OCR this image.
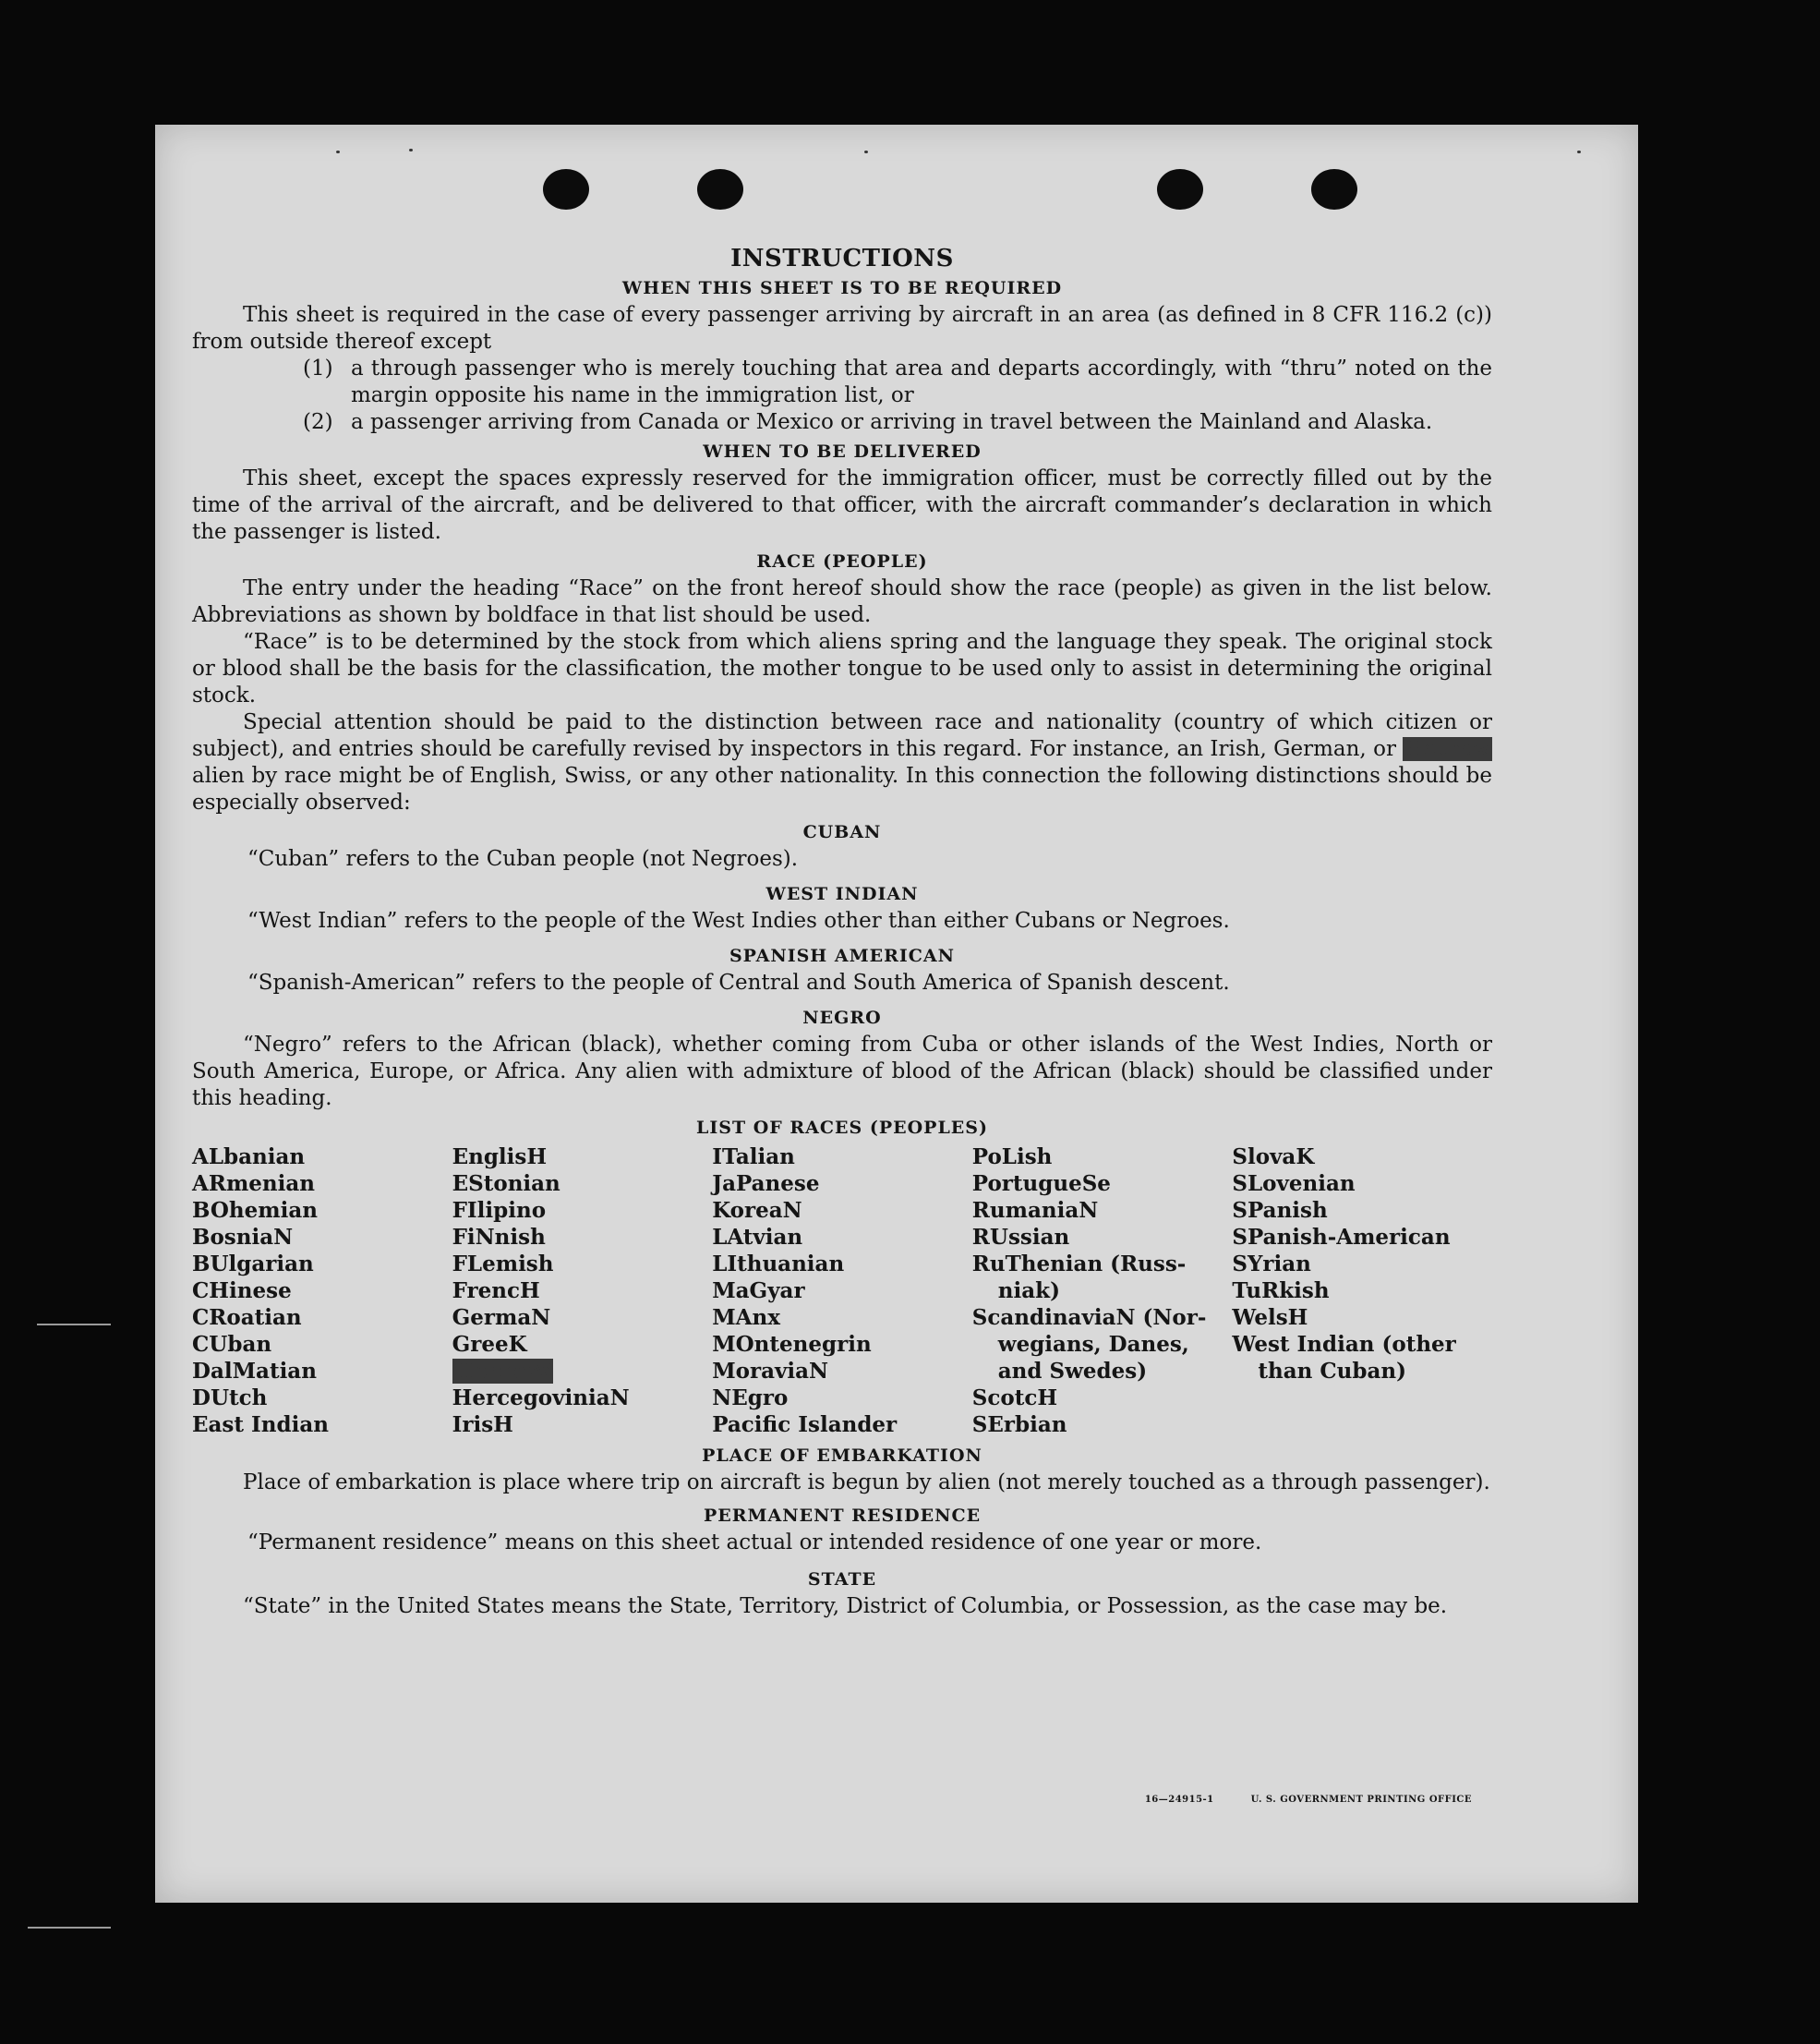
INSTRUCTIONS
WHEN THIS SHEET IS TO BE REQUIRED

This sheet is required in the case of every passenger arriving by aircraft in an area (as defined in 8 CFR 116.2 (c)) from outside thereof except

(1) a through passenger who is merely touching that area and departs accordingly, with “thru” noted on the margin opposite his name in the immigration list, or
(2) a passenger arriving from Canada or Mexico or arriving in travel between the Mainland and Alaska.
WHEN TO BE DELIVERED

This sheet, except the spaces expressly reserved for the immigration officer, must be correctly filled out by the time of the arrival of the aircraft, and be delivered to that officer, with the aircraft commander’s declaration in which the passenger is listed.

RACE (PEOPLE)

The entry under the heading “Race” on the front hereof should show the race (people) as given in the list below. Abbreviations as shown by boldface in that list should be used.

“Race” is to be determined by the stock from which aliens spring and the language they speak. The original stock or blood shall be the basis for the classification, the mother tongue to be used only to assist in determining the original stock.

Special attention should be paid to the distinction between race and nationality (country of which citizen or subject), and entries should be carefully revised by inspectors in this regard. For instance, an Irish, German, or Hebrew alien by race might be of English, Swiss, or any other nationality. In this connection the following distinctions should be especially observed:

CUBAN

“Cuban” refers to the Cuban people (not Negroes).

WEST INDIAN

“West Indian” refers to the people of the West Indies other than either Cubans or Negroes.

SPANISH AMERICAN

“Spanish-American” refers to the people of Central and South America of Spanish descent.

NEGRO

“Negro” refers to the African (black), whether coming from Cuba or other islands of the West Indies, North or South America, Europe, or Africa. Any alien with admixture of blood of the African (black) should be classified under this heading.

LIST OF RACES (PEOPLES)
ALbanian
ARmenian
BOhemian
BosniaN
BUlgarian
CHinese
CRoatian
CUban
DalMatian
DUtch
East Indian
EnglisH
EStonian
FIlipino
FiNnish
FLemish
FrencH
GermaN
GreeK
HebreW
HercegoviniaN
IrisH
ITalian
JaPanese
KoreaN
LAtvian
LIthuanian
MaGyar
MAnx
MOntenegrin
MoraviaN
NEgro
Pacific Islander
PoLish
PortugueSe
RumaniaN
RUssian
RuThenian (Russ-
niak)
ScandinaviaN (Nor-
wegians, Danes,
and Swedes)
ScotcH
SErbian
SlovaK
SLovenian
SPanish
SPanish-American
SYrian
TuRkish
WelsH
West Indian (other
than Cuban)
PLACE OF EMBARKATION

Place of embarkation is place where trip on aircraft is begun by alien (not merely touched as a through passenger).

PERMANENT RESIDENCE

“Permanent residence” means on this sheet actual or intended residence of one year or more.

STATE

“State” in the United States means the State, Territory, District of Columbia, or Possession, as the case may be.

16—24915-1	U. S. GOVERNMENT PRINTING OFFICE
